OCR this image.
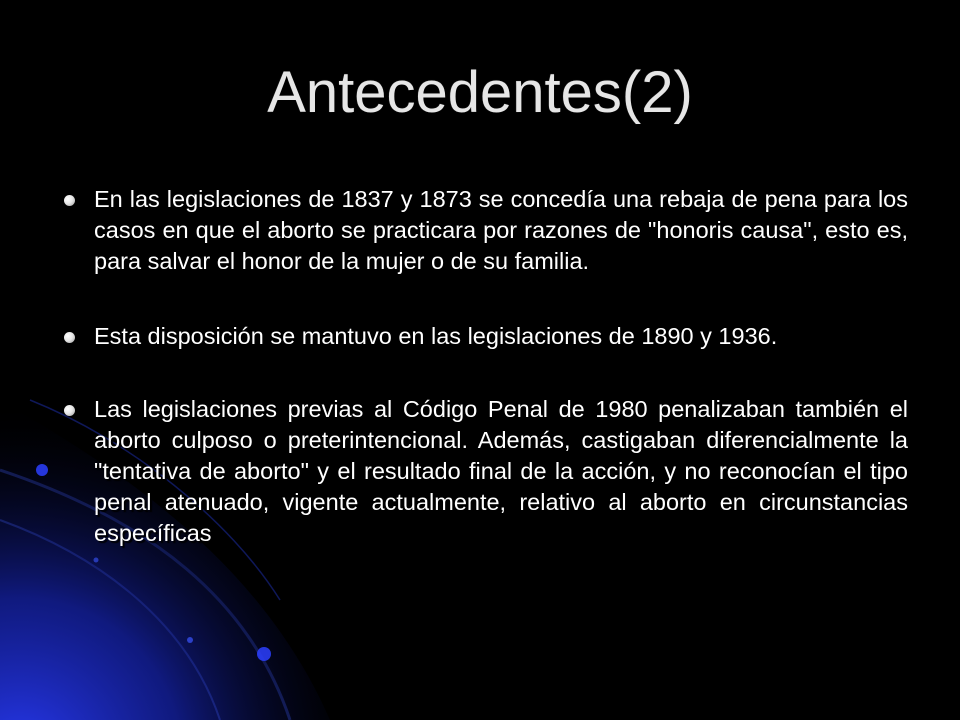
Antecedentes(2)
En las legislaciones de 1837 y 1873 se concedía una rebaja de pena para los casos en que el aborto se practicara por razones de "honoris causa", esto es, para salvar el honor de la mujer o de su familia.
Esta disposición se mantuvo en las legislaciones de 1890 y 1936.
Las legislaciones previas al Código Penal de 1980 penalizaban también el aborto culposo o preterintencional. Además, castigaban diferencialmente la "tentativa de aborto" y el resultado final de la acción, y no reconocían el tipo penal atenuado, vigente actualmente, relativo al aborto en circunstancias específicas
